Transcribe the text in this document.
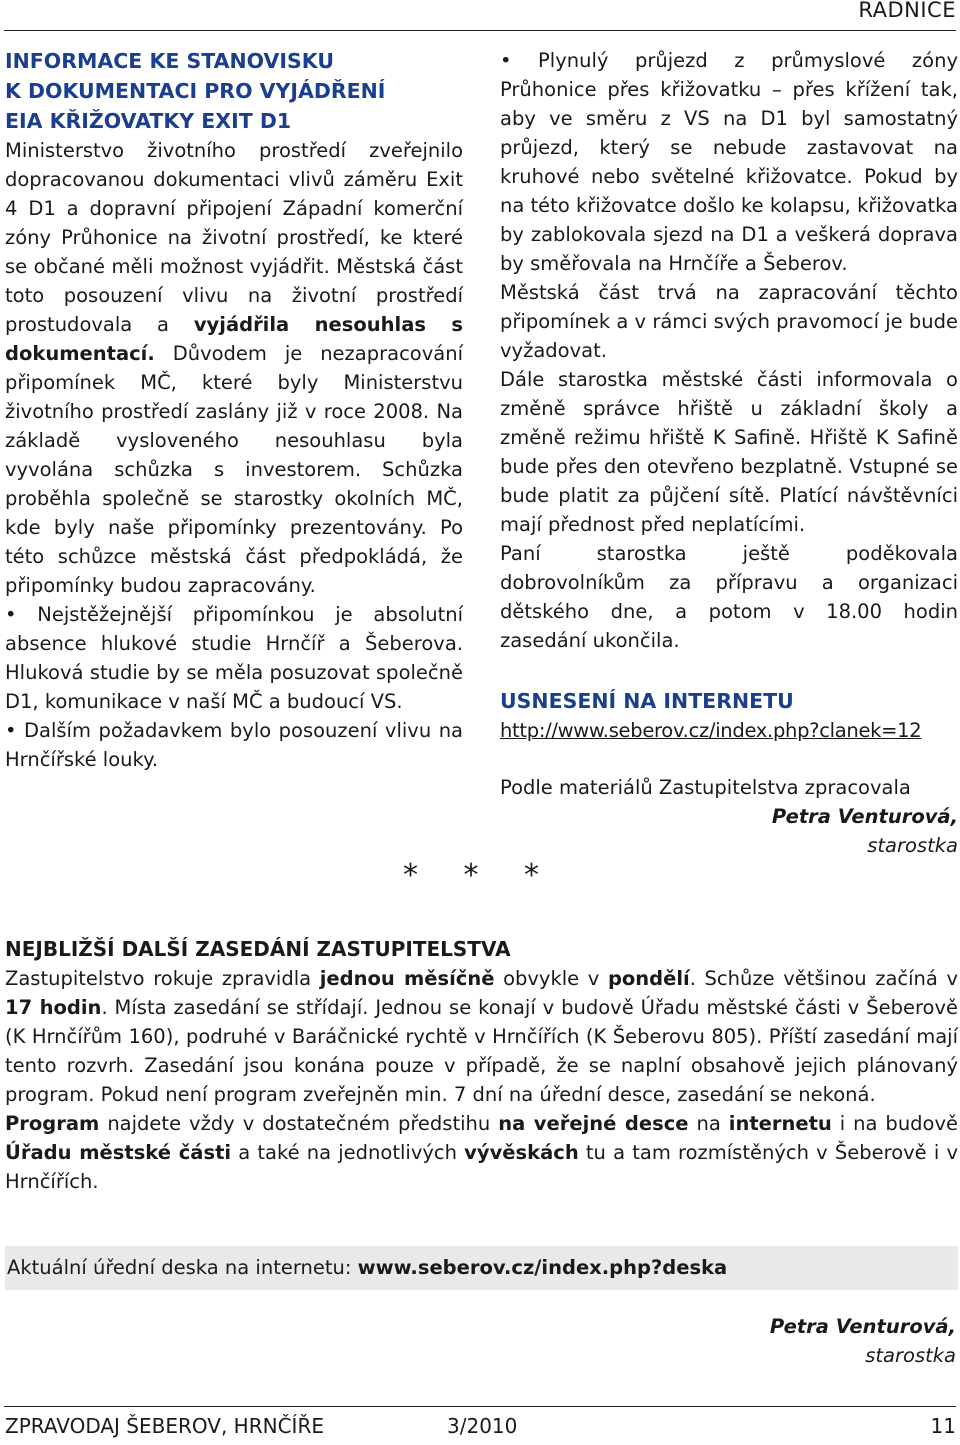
RADNICE
INFORMACE KE STANOVISKU
K DOKUMENTACI PRO VYJÁDŘENÍ
EIA KŘIŽOVATKY EXIT D1

Ministerstvo životního prostředí zveřejnilo dopracovanou dokumentaci vlivů záměru Exit 4 D1 a dopravní připojení Západní komerční zóny Průhonice na životní prostředí, ke které se občané měli možnost vyjádřit. Městská část toto posouzení vlivu na životní prostředí prostudovala a vyjádřila nesouhlas s dokumentací. Důvodem je nezapracování připomínek MČ, které byly Ministerstvu životního prostředí zaslány již v roce 2008. Na základě vysloveného nesouhlasu byla vyvolána schůzka s investorem. Schůzka proběhla společně se starostky okolních MČ, kde byly naše připomínky prezentovány. Po této schůzce městská část předpokládá, že připomínky budou zapracovány.

• Nejstěžejnější připomínkou je absolutní absence hlukové studie Hrnčíř a Šeberova. Hluková studie by se měla posuzovat společně D1, komunikace v naší MČ a budoucí VS.

• Dalším požadavkem bylo posouzení vlivu na Hrnčířské louky.

• Plynulý průjezd z průmyslové zóny Průhonice přes křižovatku – přes křížení tak, aby ve směru z VS na D1 byl samostatný průjezd, který se nebude zastavovat na kruhové nebo světelné křižovatce. Pokud by na této křižovatce došlo ke kolapsu, křižovatka by zablokovala sjezd na D1 a veškerá doprava by směřovala na Hrnčíře a Šeberov.

Městská část trvá na zapracování těchto připomínek a v rámci svých pravomocí je bude vyžadovat.

Dále starostka městské části informovala o změně správce hřiště u základní školy a změně režimu hřiště K Safině. Hřiště K Safině bude přes den otevřeno bezplatně. Vstupné se bude platit za půjčení sítě. Platící návštěvníci mají přednost před neplatícími.

Paní starostka ještě poděkovala dobrovolníkům za přípravu a organizaci dětského dne, a potom v 18.00 hodin zasedání ukončila.

USNESENÍ NA INTERNETU
http://www.seberov.cz/index.php?clanek=12

Podle materiálů Zastupitelstva zpracovala

Petra Venturová,

starostka

* * *
NEJBLIŽŠÍ DALŠÍ ZASEDÁNÍ ZASTUPITELSTVA

Zastupitelstvo rokuje zpravidla jednou měsíčně obvykle v pondělí. Schůze většinou začíná v 17 hodin. Místa zasedání se střídají. Jednou se konají v budově Úřadu městské části v Šeberově (K Hrnčířům 160), podruhé v Baráčnické rychtě v Hrnčířích (K Šeberovu 805). Příští zasedání mají tento rozvrh. Zasedání jsou konána pouze v případě, že se naplní obsahově jejich plánovaný program. Pokud není program zveřejněn min. 7 dní na úřední desce, zasedání se nekoná.

Program najdete vždy v dostatečném předstihu na veřejné desce na internetu i na budově Úřadu městské části a také na jednotlivých vývěskách tu a tam rozmístěných v Šeberově i v Hrnčířích.

Aktuální úřední deska na internetu: www.seberov.cz/index.php?deska
Petra Venturová,
starostka
ZPRAVODAJ ŠEBEROV, HRNČÍŘE	3/2010	11
